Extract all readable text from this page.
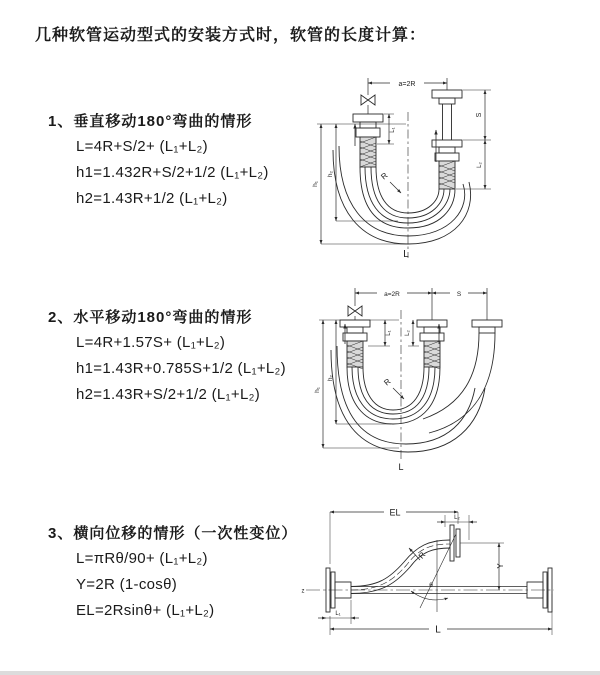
几种软管运动型式的安装方式时，软管的长度计算：
1、垂直移动180°弯曲的情形
L=4R+S/2+ (L₁+L₂)
h1=1.432R+S/2+1/2 (L₁+L₂)
h2=1.43R+1/2 (L₁+L₂)
2、水平移动180°弯曲的情形
L=4R+1.57S+ (L₁+L₂)
h1=1.43R+0.785S+1/2 (L₁+L₂)
h2=1.43R+S/2+1/2 (L₁+L₂)
3、横向位移的情形（一次性变位）
L=πRθ/90+ (L₁+L₂)
Y=2R (1-cosθ)
EL=2Rsinθ+ (L₁+L₂)
a=2R
L₁
S
L₂
h₁
h₂	R
L
a=2R	S
L₁ L₂
h₁
h₂	R
L
EL
L₂
Y
R
θ
z
L₁
L
